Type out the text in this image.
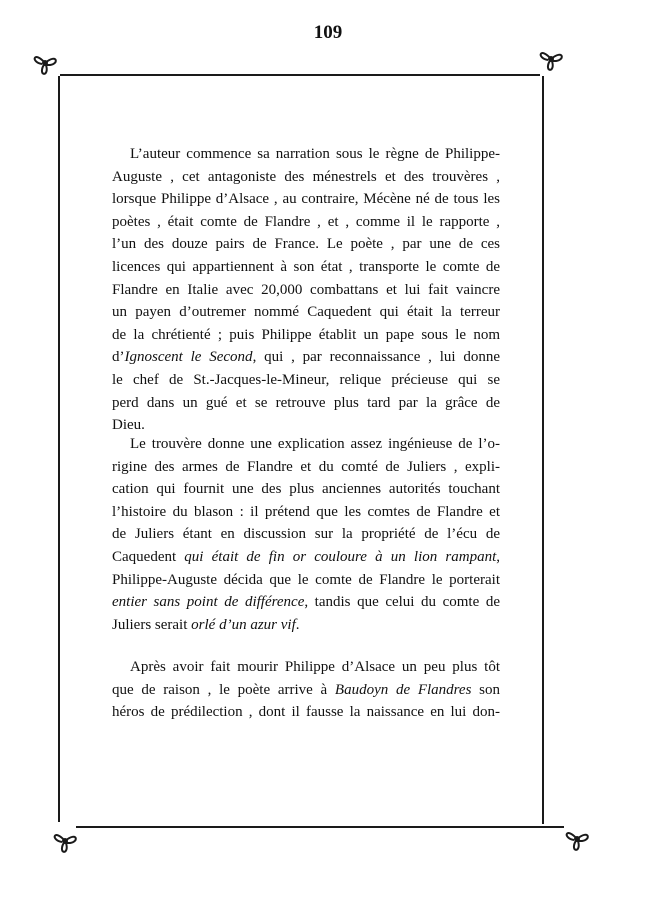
109
L’auteur commence sa narration sous le règne de Philippe-
Auguste , cet antagoniste des ménestrels et des trouvères ,
lorsque Philippe d’Alsace , au contraire, Mécène né de tous les
poètes , était comte de Flandre , et , comme il le rapporte ,
l’un des douze pairs de France. Le poète , par une de ces
licences qui appartiennent à son état , transporte le comte de
Flandre en Italie avec 20,000 combattans et lui fait vaincre
un payen d’outremer nommé Caquedent qui était la terreur
de la chrétienté ; puis Philippe établit un pape sous le nom
d’Ignoscent le Second, qui , par reconnaissance , lui donne
le chef de St.-Jacques-le-Mineur, relique précieuse qui se
perd dans un gué et se retrouve plus tard par la grâce de
Dieu.
Le trouvère donne une explication assez ingénieuse de l’o-
rigine des armes de Flandre et du comté de Juliers , expli-
cation qui fournit une des plus anciennes autorités touchant
l’histoire du blason : il prétend que les comtes de Flandre et
de Juliers étant en discussion sur la propriété de l’écu de
Caquedent qui était de fin or couloure à un lion rampant,
Philippe-Auguste décida que le comte de Flandre le porterait
entier sans point de différence, tandis que celui du comte de
Juliers serait orlé d’un azur vif.
Après avoir fait mourir Philippe d’Alsace un peu plus tôt
que de raison , le poète arrive à Baudoyn de Flandres son
héros de prédilection , dont il fausse la naissance en lui don-
